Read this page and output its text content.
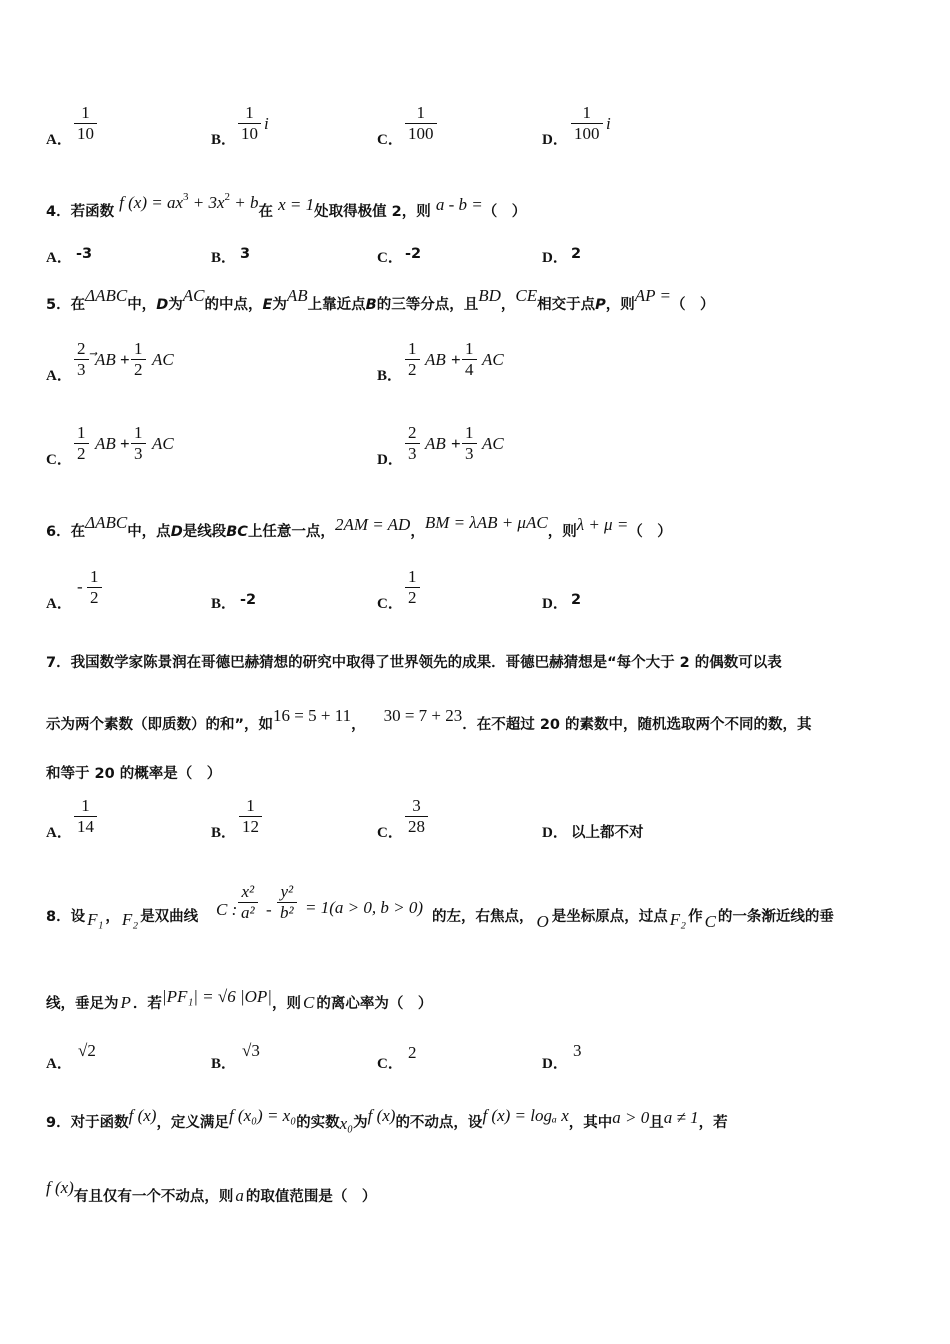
A． $\frac{1}{10}$	B． $\frac{1}{10}$ i
C． $\frac{1}{100}$	D． $\frac{1}{100}$ i
4．若函数 f $(x) = ax^3 + 3x^2 + b$在 x = 1处取得极值 2，则 a - b =（　）
A． -3	B． 3	C． -2	D． 2
5．在ΔABC中，D为AC的中点，E为AB上靠近点B的三等分点，且BD，CE相交于点P，则AP =（　）
A． $\frac{2}{3}$ AB + $\frac{1}{2}$ AC
B． $\frac{1}{2}$ AB + $\frac{1}{4}$ AC
C． $\frac{1}{2}$ AB + $\frac{1}{3}$ AC
D． $\frac{2}{3}$ AB + $\frac{1}{3}$ AC
6．在ΔABC中，点D是线段BC上任意一点，2AM = AD，BM = λAB + μAC，则λ + μ =（　）
A．
- $\frac{1}{2}$	B． -2	C． $\frac{1}{2}$	D． 2
7．我国数学家陈景润在哥德巴赫猜想的研究中取得了世界领先的成果．哥德巴赫猜想是“每个大于 2 的偶数可以表
示为两个素数（即质数）的和”，如16 = 5 + 11， 30 = 7 + 23．在不超过 20 的素数中，随机选取两个不同的数，其
和等于 20 的概率是（　）
A． $\frac{1}{14}$	B． $\frac{1}{12}$	C． $\frac{3}{28}$	D． 以上都不对
8．设 F₁ ， F₂ 是双曲线 C : $\frac{\text{x²}}{\text{a²}} - \frac{\text{y²}}{\text{b²}} = 1(a > 0$, b > 0) 的左，右焦点， O 是坐标原点，过点 F₂ 作 C 的一条渐近线的垂
线，垂足为 P ．若|PF₁| = √6 |OP|，则 C 的离心率为（　）
A．
√2
B．
√3
C．
2
D．
3
9．对于函数f (x)，定义满足f (x₀) = x₀的实数x₀为f (x)的不动点，设f (x) = logₐ x，其中a > 0且a ≠ 1，若
f (x)有且仅有一个不动点，则 a 的取值范围是（　）
